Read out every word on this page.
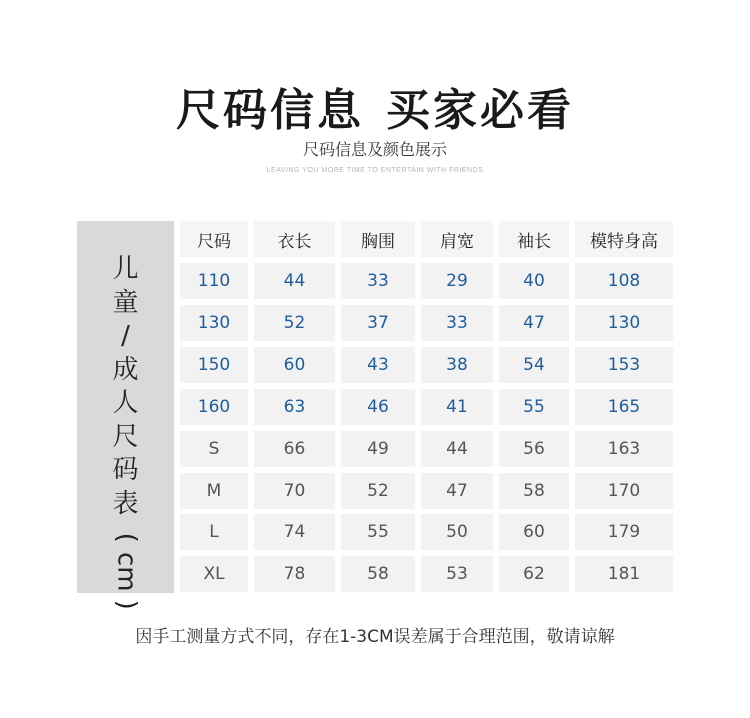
尺码信息 买家必看
尺码信息及颜色展示
LEAVING YOU MORE TIME TO ENTERTAIN WITH FRIENDS
儿
童
/
成
人
尺
码
表
(
cm
)
尺码	衣长	胸围	肩宽	袖长	模特身高
110	44	33	29	40	108
130	52	37	33	47	130
150	60	43	38	54	153
160	63	46	41	55	165
S	66	49	44	56	163
M	70	52	47	58	170
L	74	55	50	60	179
XL	78	58	53	62	181
因手工测量方式不同，存在1-3CM误差属于合理范围，敬请谅解
